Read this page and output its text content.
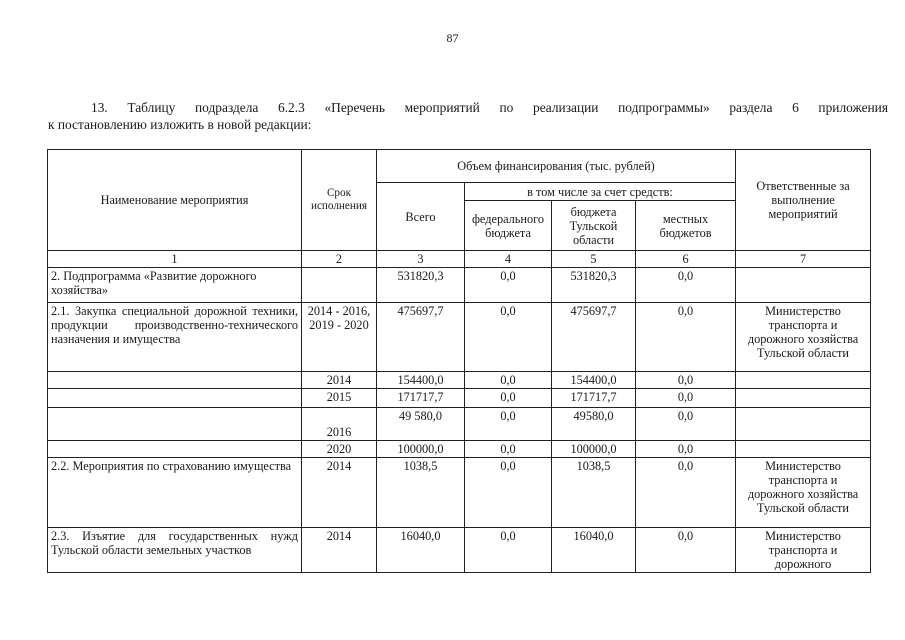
87
13. Таблицу подраздела 6.2.3 «Перечень мероприятий по реализации подпрограммы» раздела 6 приложения
к постановлению изложить в новой редакции:
Наименование мероприятия	Срок исполнения	Объем финансирования (тыс. рублей)				Ответственные за выполнение мероприятий
		Всего	в том числе за счет средств:			
			федерального бюджета	бюджета Тульской области	местных бюджетов	
1	2	3	4	5	6	7
2. Подпрограмма «Развитие дорожного хозяйства»		531820,3	0,0	531820,3	0,0	
2.1. Закупка специальной дорожной техники, продукции производственно-технического назначения и имущества	2014 - 2016, 2019 - 2020	475697,7	0,0	475697,7	0,0	Министерство транспорта и дорожного хозяйства Тульской области
	2014	154400,0	0,0	154400,0	0,0	
	2015	171717,7	0,0	171717,7	0,0	
	2016	49 580,0	0,0	49580,0	0,0	
	2020	100000,0	0,0	100000,0	0,0	
2.2. Мероприятия по страхованию имущества	2014	1038,5	0,0	1038,5	0,0	Министерство транспорта и дорожного хозяйства Тульской области
2.3. Изъятие для государственных нужд Тульской области земельных участков	2014	16040,0	0,0	16040,0	0,0	Министерство транспорта и дорожного
